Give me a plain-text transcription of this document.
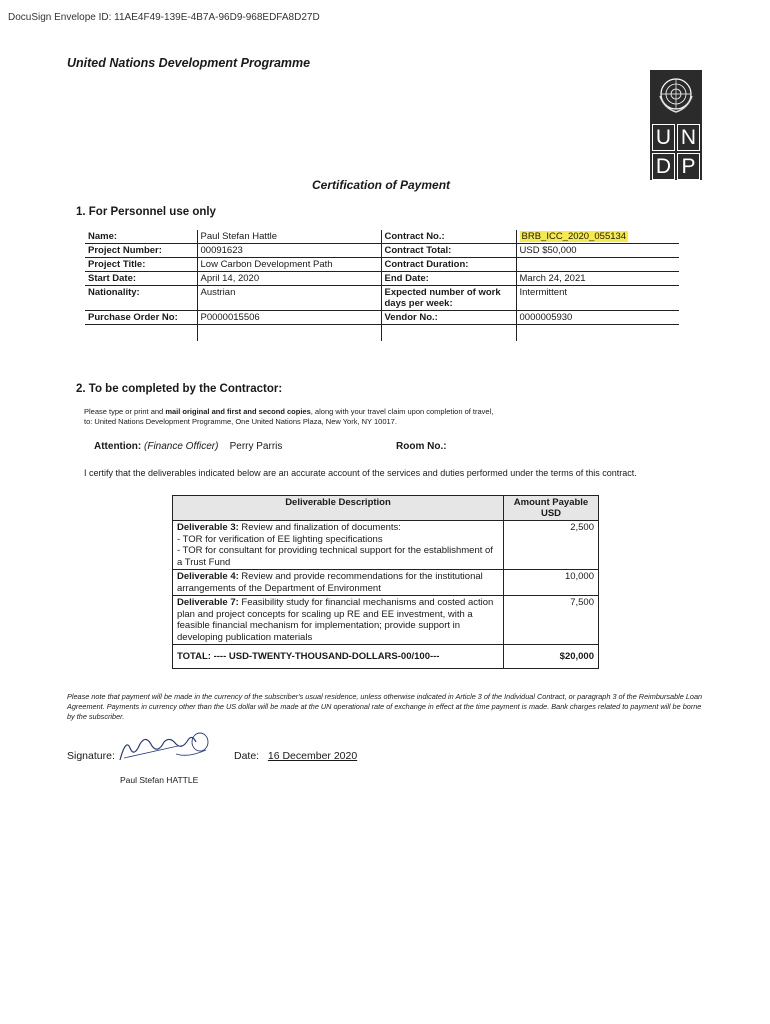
DocuSign Envelope ID: 11AE4F49-139E-4B7A-96D9-968EDFA8D27D
United Nations Development Programme
U N
D P
Certification of Payment
1. For Personnel use only
Name:	Paul Stefan Hattle	Contract No.:	BRB_ICC_2020_055134
Project Number:	00091623	Contract Total:	USD $50,000
Project Title:	Low Carbon Development Path	Contract Duration:	
Start Date:	April 14, 2020	End Date:	March 24, 2021
Nationality:	Austrian	Expected number of work days per week:	Intermittent
Purchase Order No:	P0000015506	Vendor No.:	0000005930

2. To be completed by the Contractor:
Please type or print and mail original and first and second copies, along with your travel claim upon completion of travel,
to: United Nations Development Programme, One United Nations Plaza, New York, NY 10017.
Attention: (Finance Officer) Perry Parris	Room No.:
I certify that the deliverables indicated below are an accurate account of the services and duties performed under the terms of this contract.
Deliverable Description	Amount Payable USD
Deliverable 3: Review and finalization of documents:
- TOR for verification of EE lighting specifications
- TOR for consultant for providing technical support for the establishment of a Trust Fund	2,500
Deliverable 4: Review and provide recommendations for the institutional arrangements of the Department of Environment	10,000
Deliverable 7: Feasibility study for financial mechanisms and costed action plan and project concepts for scaling up RE and EE investment, with a feasible financial mechanism for implementation; provide support in developing publication materials	7,500
TOTAL: ---- USD-TWENTY-THOUSAND-DOLLARS-00/100---	$20,000
Please note that payment will be made in the currency of the subscriber's usual residence, unless otherwise indicated in Article 3 of the Individual Contract, or paragraph 3 of the Reimbursable Loan Agreement. Payments in currency other than the US dollar will be made at the UN operational rate of exchange in effect at the time payment is made. Bank charges related to payment will be borne by the subscriber.
Signature:
Paul Stefan HATTLE
Date: 16 December 2020
